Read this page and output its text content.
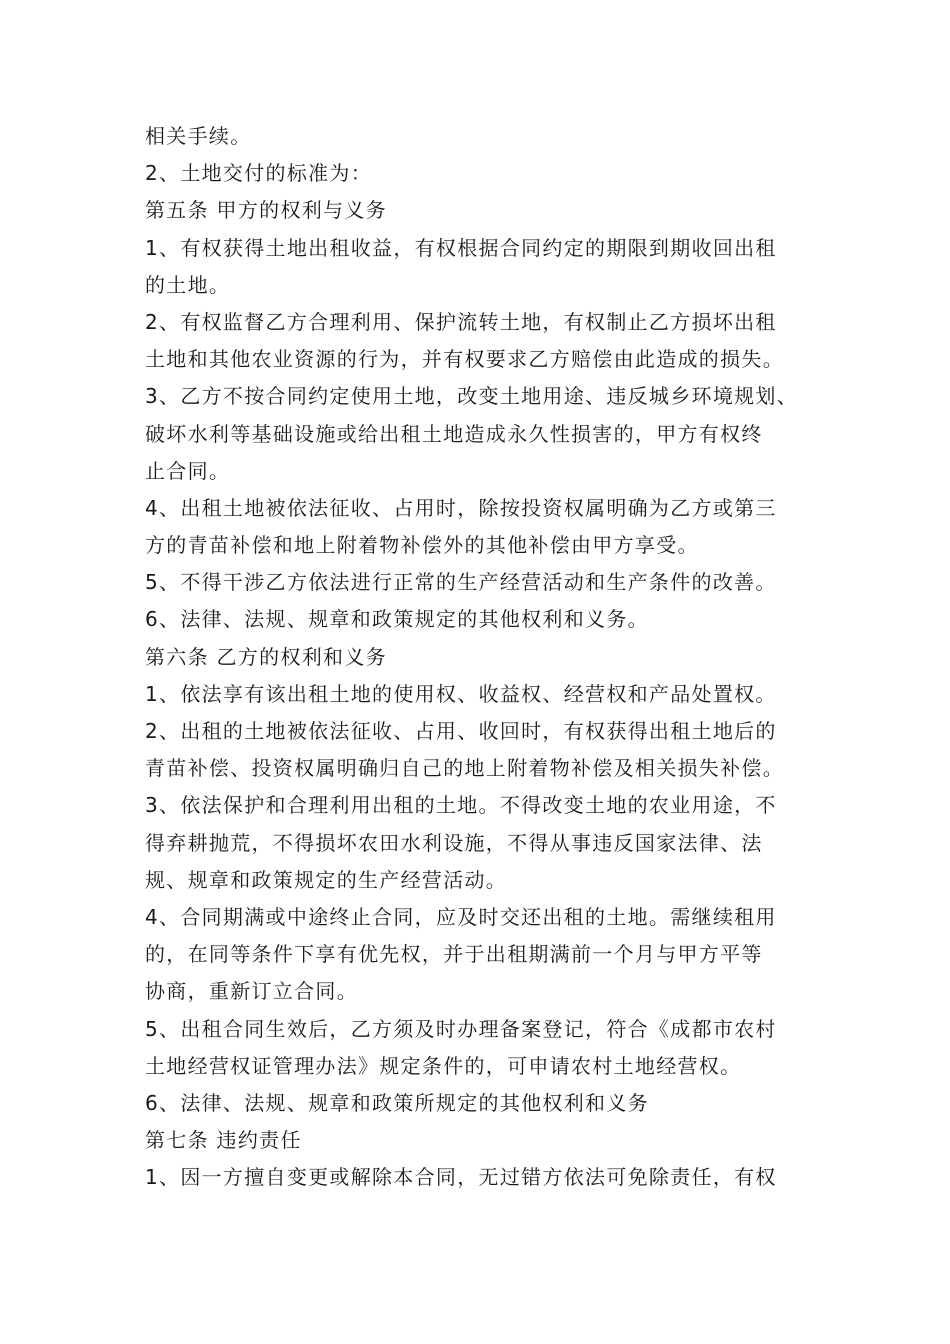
相关手续。
2、土地交付的标准为：
第五条 甲方的权利与义务
1、有权获得土地出租收益，有权根据合同约定的期限到期收回出租
的土地。
2、有权监督乙方合理利用、保护流转土地，有权制止乙方损坏出租
土地和其他农业资源的行为，并有权要求乙方赔偿由此造成的损失。
3、乙方不按合同约定使用土地，改变土地用途、违反城乡环境规划、
破坏水利等基础设施或给出租土地造成永久性损害的，甲方有权终
止合同。
4、出租土地被依法征收、占用时，除按投资权属明确为乙方或第三
方的青苗补偿和地上附着物补偿外的其他补偿由甲方享受。
5、不得干涉乙方依法进行正常的生产经营活动和生产条件的改善。
6、法律、法规、规章和政策规定的其他权利和义务。
第六条 乙方的权利和义务
1、依法享有该出租土地的使用权、收益权、经营权和产品处置权。
2、出租的土地被依法征收、占用、收回时，有权获得出租土地后的
青苗补偿、投资权属明确归自己的地上附着物补偿及相关损失补偿。
3、依法保护和合理利用出租的土地。不得改变土地的农业用途，不
得弃耕抛荒，不得损坏农田水利设施，不得从事违反国家法律、法
规、规章和政策规定的生产经营活动。
4、合同期满或中途终止合同，应及时交还出租的土地。需继续租用
的，在同等条件下享有优先权，并于出租期满前一个月与甲方平等
协商，重新订立合同。
5、出租合同生效后，乙方须及时办理备案登记，符合《成都市农村
土地经营权证管理办法》规定条件的，可申请农村土地经营权。
6、法律、法规、规章和政策所规定的其他权利和义务
第七条 违约责任
1、因一方擅自变更或解除本合同，无过错方依法可免除责任，有权
